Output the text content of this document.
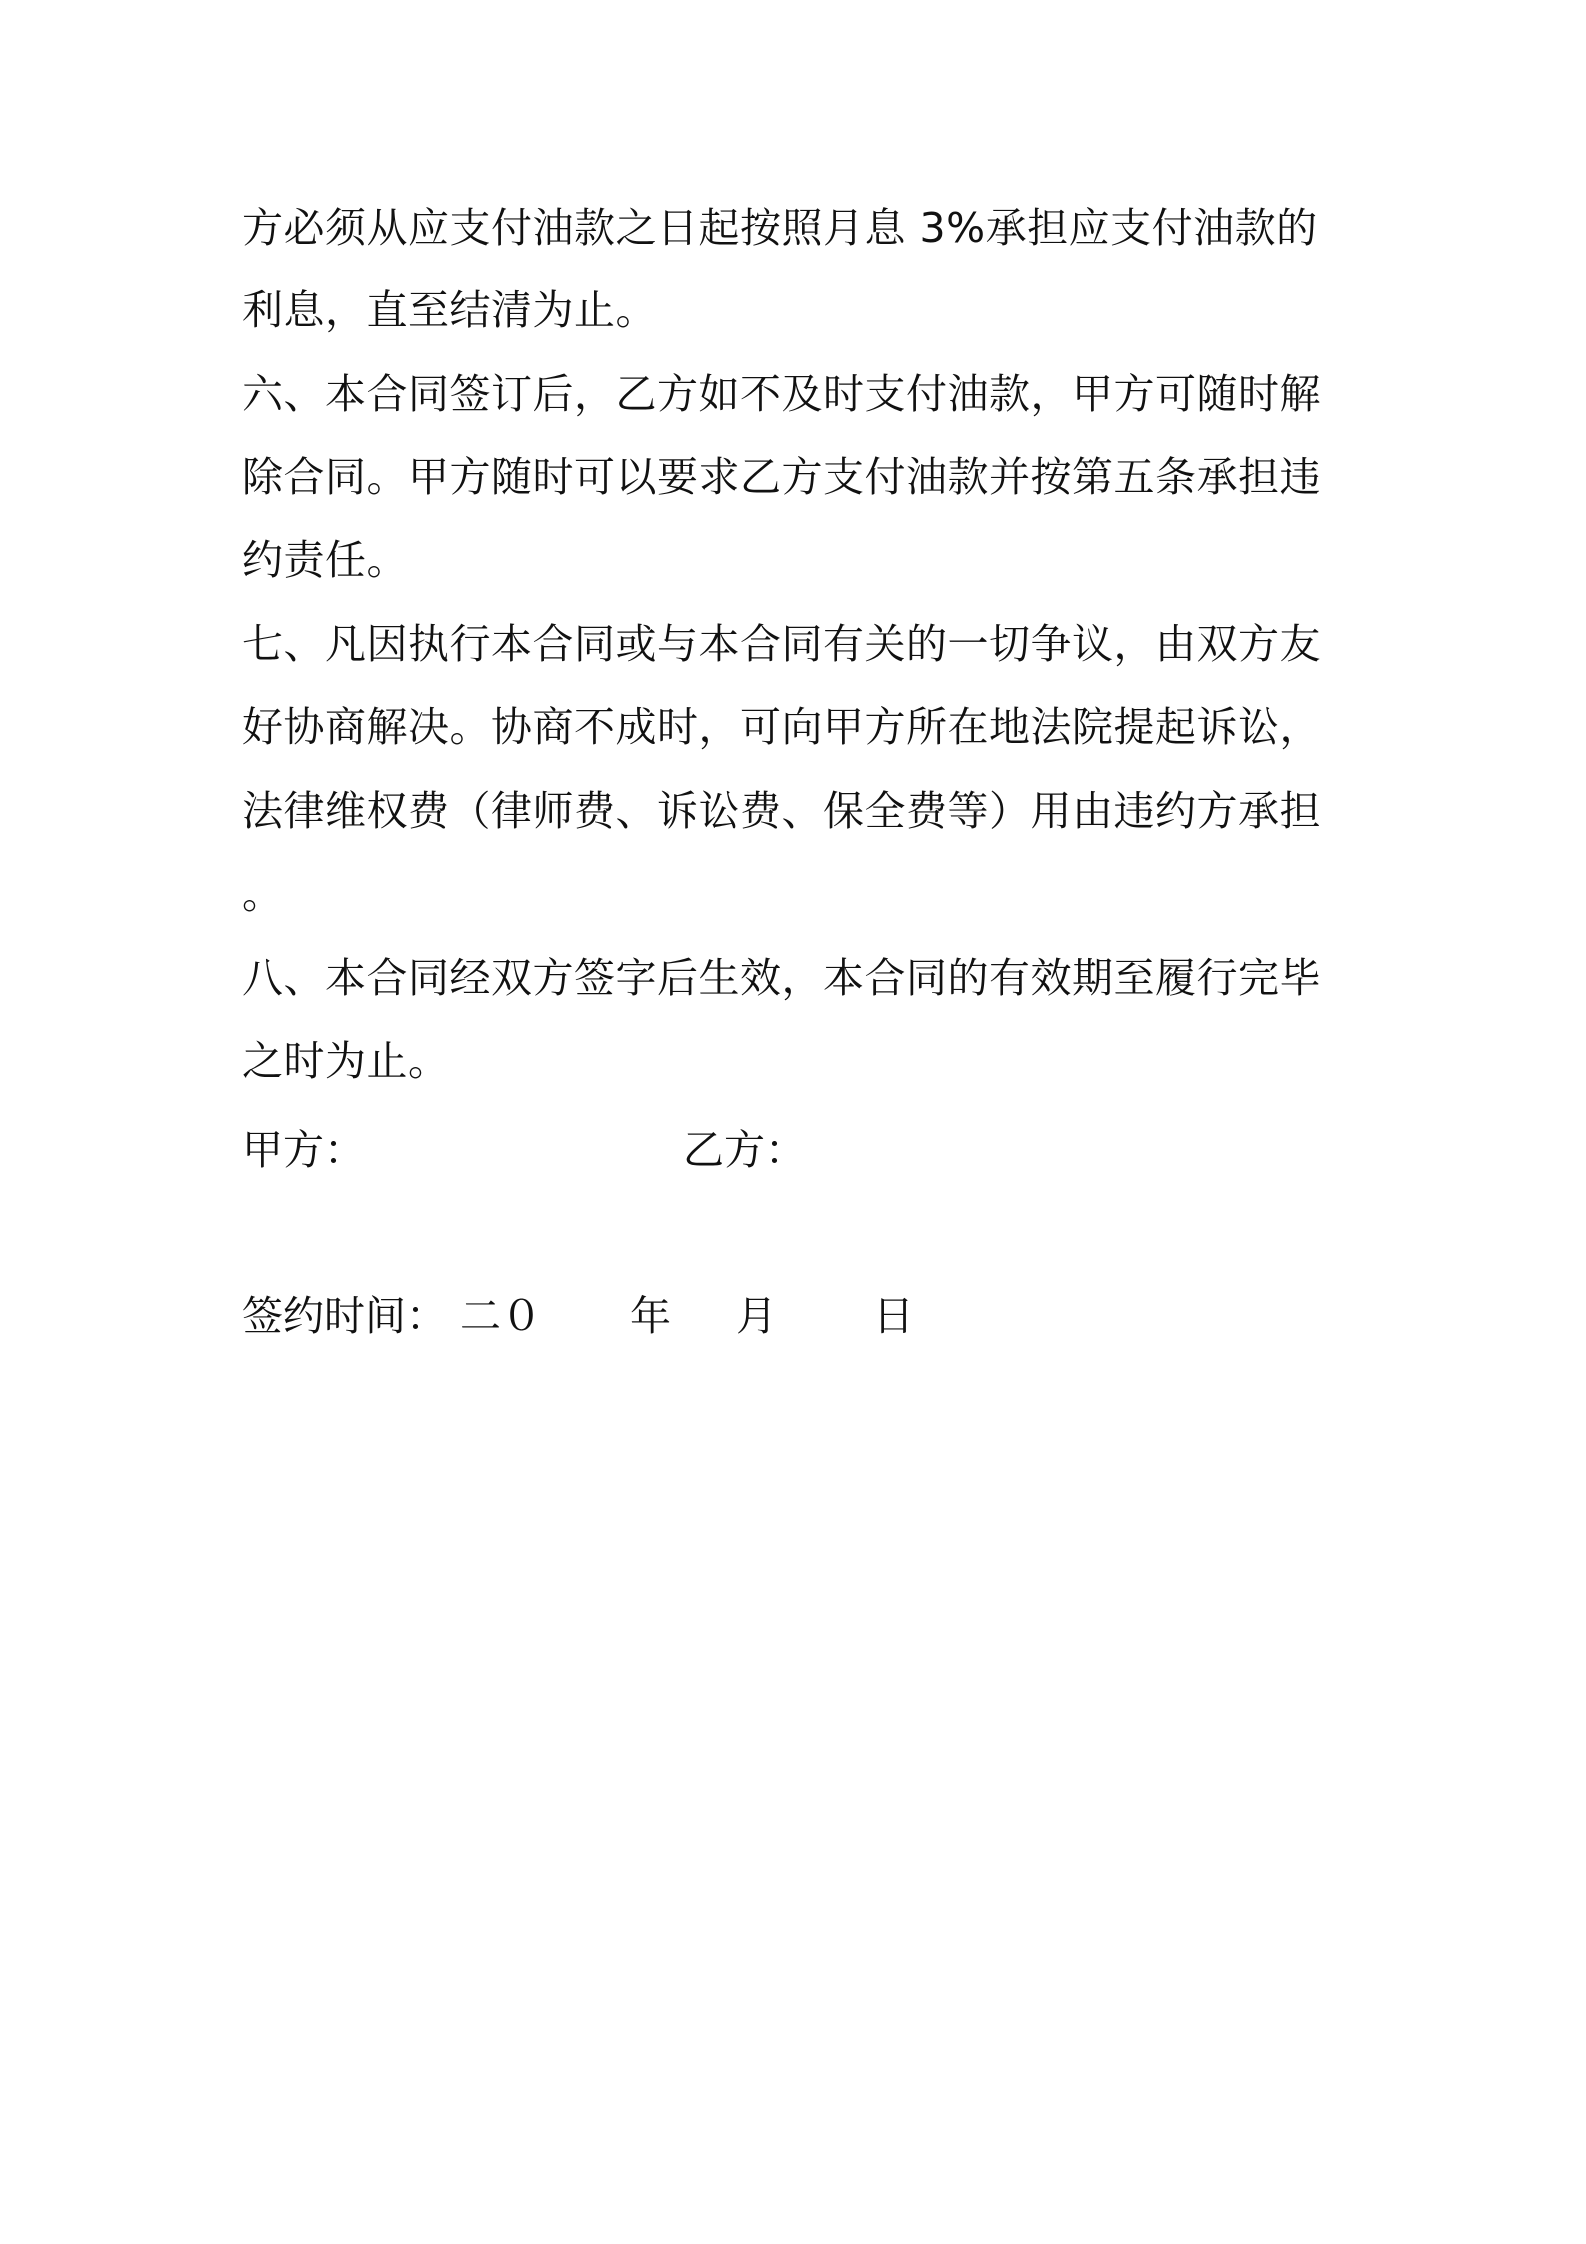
方必须从应支付油款之日起按照月息 3%承担应支付油款的
利息，直至结清为止。
六、本合同签订后，乙方如不及时支付油款，甲方可随时解
除合同。甲方随时可以要求乙方支付油款并按第五条承担违
约责任。
七、凡因执行本合同或与本合同有关的一切争议，由双方友
好协商解决。协商不成时，可向甲方所在地法院提起诉讼，
法律维权费（律师费、诉讼费、保全费等）用由违约方承担
。
八、本合同经双方签字后生效，本合同的有效期至履行完毕
之时为止。
甲方：	乙方：
签约时间： 二０ 年 月 日
